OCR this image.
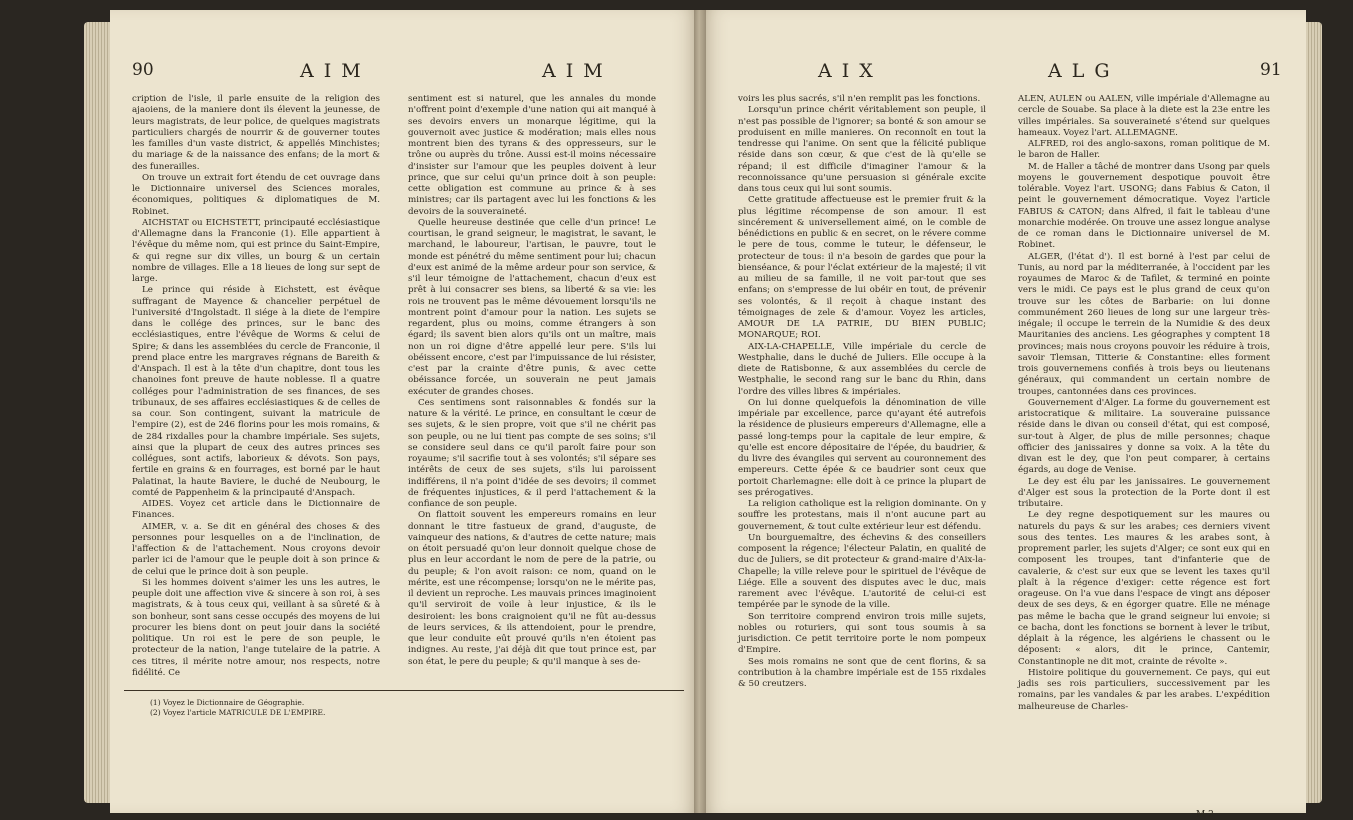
90	A I M	A I M

cription de l'isle, il parle ensuite de la religion des ajaoiens, de la maniere dont ils élevent la jeunesse, de leurs magistrats, de leur police, de quelques magistrats particuliers chargés de nourrir & de gouverner toutes les familles d'un vaste district, & appellés Minchistes; du mariage & de la naissance des enfans; de la mort & des funerailles.

On trouve un extrait fort étendu de cet ouvrage dans le Dictionnaire universel des Sciences morales, économiques, politiques & diplomatiques de M. Robinet.

AICHSTAT ou EICHSTETT, principauté ecclésiastique d'Allemagne dans la Franconie (1). Elle appartient à l'évêque du même nom, qui est prince du Saint-Empire, & qui regne sur dix villes, un bourg & un certain nombre de villages. Elle a 18 lieues de long sur sept de large.

Le prince qui réside à Eichstett, est évêque suffragant de Mayence & chancelier perpétuel de l'université d'Ingolstadt. Il siége à la diete de l'empire dans le collége des princes, sur le banc des ecclésiastiques, entre l'évêque de Worms & celui de Spire; & dans les assemblées du cercle de Franconie, il prend place entre les margraves régnans de Bareith & d'Anspach. Il est à la tête d'un chapitre, dont tous les chanoines font preuve de haute noblesse. Il a quatre colléges pour l'administration de ses finances, de ses tribunaux, de ses affaires ecclésiastiques & de celles de sa cour. Son contingent, suivant la matricule de l'empire (2), est de 246 florins pour les mois romains, & de 284 rixdalles pour la chambre impériale. Ses sujets, ainsi que la plupart de ceux des autres princes ses collégues, sont actifs, laborieux & dévots. Son pays, fertile en grains & en fourrages, est borné par le haut Palatinat, la haute Baviere, le duché de Neubourg, le comté de Pappenheim & la principauté d'Anspach.

AIDES. Voyez cet article dans le Dictionnaire de Finances.

AIMER, v. a. Se dit en général des choses & des personnes pour lesquelles on a de l'inclination, de l'affection & de l'attachement. Nous croyons devoir parler ici de l'amour que le peuple doit à son prince & de celui que le prince doit à son peuple.

Si les hommes doivent s'aimer les uns les autres, le peuple doit une affection vive & sincere à son roi, à ses magistrats, & à tous ceux qui, veillant à sa sûreté & à son bonheur, sont sans cesse occupés des moyens de lui procurer les biens dont on peut jouir dans la société politique. Un roi est le pere de son peuple, le protecteur de la nation, l'ange tutelaire de la patrie. A ces titres, il mérite notre amour, nos respects, notre fidélité. Ce

sentiment est si naturel, que les annales du monde n'offrent point d'exemple d'une nation qui ait manqué à ses devoirs envers un monarque légitime, qui la gouvernoit avec justice & modération; mais elles nous montrent bien des tyrans & des oppresseurs, sur le trône ou auprès du trône. Aussi est-il moins nécessaire d'insister sur l'amour que les peuples doivent à leur prince, que sur celui qu'un prince doit à son peuple: cette obligation est commune au prince & à ses ministres; car ils partagent avec lui les fonctions & les devoirs de la souveraineté.

Quelle heureuse destinée que celle d'un prince! Le courtisan, le grand seigneur, le magistrat, le savant, le marchand, le laboureur, l'artisan, le pauvre, tout le monde est pénétré du même sentiment pour lui; chacun d'eux est animé de la même ardeur pour son service, & s'il leur témoigne de l'attachement, chacun d'eux est prêt à lui consacrer ses biens, sa liberté & sa vie: les rois ne trouvent pas le même dévouement lorsqu'ils ne montrent point d'amour pour la nation. Les sujets se regardent, plus ou moins, comme étrangers à son égard; ils savent bien alors qu'ils ont un maître, mais non un roi digne d'être appellé leur pere. S'ils lui obéissent encore, c'est par l'impuissance de lui résister, c'est par la crainte d'être punis, & avec cette obéissance forcée, un souverain ne peut jamais exécuter de grandes choses.

Ces sentimens sont raisonnables & fondés sur la nature & la vérité. Le prince, en consultant le cœur de ses sujets, & le sien propre, voit que s'il ne chérit pas son peuple, ou ne lui tient pas compte de ses soins; s'il se considere seul dans ce qu'il paroît faire pour son royaume; s'il sacrifie tout à ses volontés; s'il sépare ses intérêts de ceux de ses sujets, s'ils lui paroissent indifférens, il n'a point d'idée de ses devoirs; il commet de fréquentes injustices, & il perd l'attachement & la confiance de son peuple.

On flattoit souvent les empereurs romains en leur donnant le titre fastueux de grand, d'auguste, de vainqueur des nations, & d'autres de cette nature; mais on étoit persuadé qu'on leur donnoit quelque chose de plus en leur accordant le nom de pere de la patrie, ou du peuple; & l'on avoit raison: ce nom, quand on le mérite, est une récompense; lorsqu'on ne le mérite pas, il devient un reproche. Les mauvais princes imaginoient qu'il serviroit de voile à leur injustice, & ils le desiroient: les bons craignoient qu'il ne fût au-dessus de leurs services, & ils attendoient, pour le prendre, que leur conduite eût prouvé qu'ils n'en étoient pas indignes. Au reste, j'ai déjà dit que tout prince est, par son état, le pere du peuple; & qu'il manque à ses de-

(1) Voyez le Dictionnaire de Géographie.
(2) Voyez l'article MATRICULE DE L'EMPIRE.
A I X	A L G	91

voirs les plus sacrés, s'il n'en remplit pas les fonctions.

Lorsqu'un prince chérit véritablement son peuple, il n'est pas possible de l'ignorer; sa bonté & son amour se produisent en mille manieres. On reconnoît en tout la tendresse qui l'anime. On sent que la félicité publique réside dans son cœur, & que c'est de là qu'elle se répand; il est difficile d'imaginer l'amour & la reconnoissance qu'une persuasion si générale excite dans tous ceux qui lui sont soumis.

Cette gratitude affectueuse est le premier fruit & la plus légitime récompense de son amour. Il est sincérement & universellement aimé, on le comble de bénédictions en public & en secret, on le révere comme le pere de tous, comme le tuteur, le défenseur, le protecteur de tous: il n'a besoin de gardes que pour la bienséance, & pour l'éclat extérieur de la majesté; il vit au milieu de sa famille, il ne voit par-tout que ses enfans; on s'empresse de lui obéir en tout, de prévenir ses volontés, & il reçoit à chaque instant des témoignages de zele & d'amour. Voyez les articles, AMOUR DE LA PATRIE, DU BIEN PUBLIC; MONARQUE; ROI.

AIX-LA-CHAPELLE, Ville impériale du cercle de Westphalie, dans le duché de Juliers. Elle occupe à la diete de Ratisbonne, & aux assemblées du cercle de Westphalie, le second rang sur le banc du Rhin, dans l'ordre des villes libres & impériales.

On lui donne quelquefois la dénomination de ville impériale par excellence, parce qu'ayant été autrefois la résidence de plusieurs empereurs d'Allemagne, elle a passé long-temps pour la capitale de leur empire, & qu'elle est encore dépositaire de l'épée, du baudrier, & du livre des évangiles qui servent au couronnement des empereurs. Cette épée & ce baudrier sont ceux que portoit Charlemagne: elle doit à ce prince la plupart de ses prérogatives.

La religion catholique est la religion dominante. On y souffre les protestans, mais il n'ont aucune part au gouvernement, & tout culte extérieur leur est défendu.

Un bourguemaître, des échevins & des conseillers composent la régence; l'électeur Palatin, en qualité de duc de Juliers, se dit protecteur & grand-maire d'Aix-la-Chapelle; la ville releve pour le spirituel de l'évêque de Liége. Elle a souvent des disputes avec le duc, mais rarement avec l'évêque. L'autorité de celui-ci est tempérée par le synode de la ville.

Son territoire comprend environ trois mille sujets, nobles ou roturiers, qui sont tous soumis à sa jurisdiction. Ce petit territoire porte le nom pompeux d'Empire.

Ses mois romains ne sont que de cent florins, & sa contribution à la chambre impériale est de 155 rixdales & 50 creutzers.

ALEN, AULEN ou AALEN, ville impériale d'Allemagne au cercle de Souabe. Sa place à la diete est la 23e entre les villes impériales. Sa souveraineté s'étend sur quelques hameaux. Voyez l'art. ALLEMAGNE.

ALFRED, roi des anglo-saxons, roman politique de M. le baron de Haller.

M. de Haller a tâché de montrer dans Usong par quels moyens le gouvernement despotique pouvoit être tolérable. Voyez l'art. USONG; dans Fabius & Caton, il peint le gouvernement démocratique. Voyez l'article FABIUS & CATON; dans Alfred, il fait le tableau d'une monarchie modérée. On trouve une assez longue analyse de ce roman dans le Dictionnaire universel de M. Robinet.

ALGER, (l'état d'). Il est borné à l'est par celui de Tunis, au nord par la méditerranée, à l'occident par les royaumes de Maroc & de Tafilet, & terminé en pointe vers le midi. Ce pays est le plus grand de ceux qu'on trouve sur les côtes de Barbarie: on lui donne communément 260 lieues de long sur une largeur très-inégale; il occupe le terrein de la Numidie & des deux Mauritanies des anciens. Les géographes y comptent 18 provinces; mais nous croyons pouvoir les réduire à trois, savoir Tlemsan, Titterie & Constantine: elles forment trois gouvernemens confiés à trois beys ou lieutenans généraux, qui commandent un certain nombre de troupes, cantonnées dans ces provinces.

Gouvernement d'Alger. La forme du gouvernement est aristocratique & militaire. La souveraine puissance réside dans le divan ou conseil d'état, qui est composé, sur-tout à Alger, de plus de mille personnes; chaque officier des janissaires y donne sa voix. A la tête du divan est le dey, que l'on peut comparer, à certains égards, au doge de Venise.

Le dey est élu par les janissaires. Le gouvernement d'Alger est sous la protection de la Porte dont il est tributaire.

Le dey regne despotiquement sur les maures ou naturels du pays & sur les arabes; ces derniers vivent sous des tentes. Les maures & les arabes sont, à proprement parler, les sujets d'Alger; ce sont eux qui en composent les troupes, tant d'infanterie que de cavalerie, & c'est sur eux que se levent les taxes qu'il plaît à la régence d'exiger: cette régence est fort orageuse. On l'a vue dans l'espace de vingt ans déposer deux de ses deys, & en égorger quatre. Elle ne ménage pas même le bacha que le grand seigneur lui envoie; si ce bacha, dont les fonctions se bornent à lever le tribut, déplait à la régence, les algériens le chassent ou le déposent: « alors, dit le prince, Cantemir, Constantinople ne dit mot, crainte de révolte ».

Histoire politique du gouvernement. Ce pays, qui eut jadis ses rois particuliers, successivement par les romains, par les vandales & par les arabes. L'expédition malheureuse de Charles-

M 2
